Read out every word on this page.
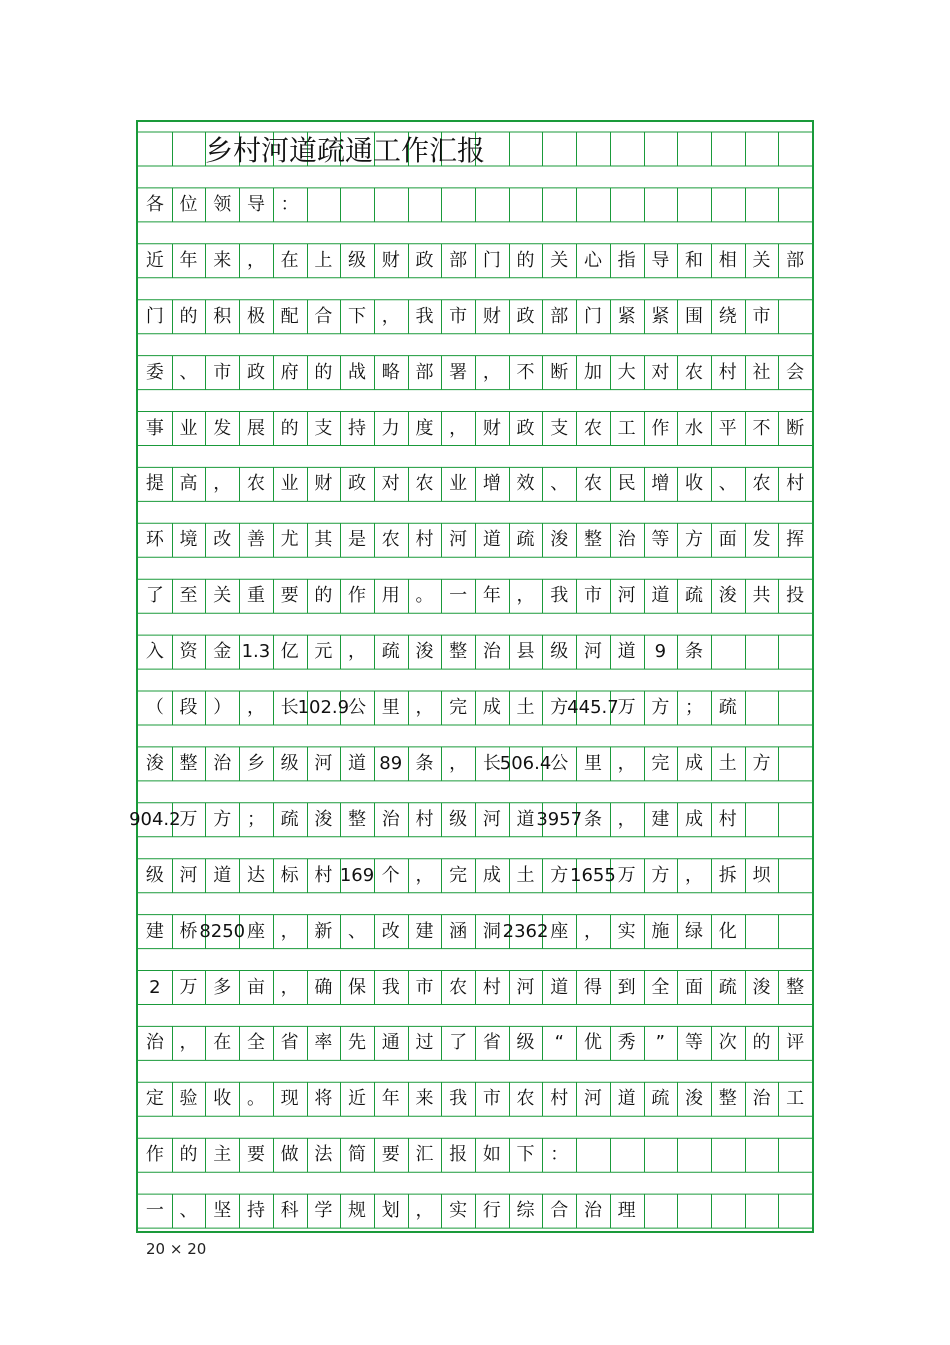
乡村河道疏通工作汇报
各 位 领 导 ：
近 年 来 ， 在 上 级 财 政 部 门 的 关 心 指 导 和 相 关 部
门 的 积 极 配 合 下 ， 我 市 财 政 部 门 紧 紧 围 绕 市
委 、 市 政 府 的 战 略 部 署 ， 不 断 加 大 对 农 村 社 会
事 业 发 展 的 支 持 力 度 ， 财 政 支 农 工 作 水 平 不 断
提 高 ， 农 业 财 政 对 农 业 增 效 、 农 民 增 收 、 农 村
环 境 改 善 尤 其 是 农 村 河 道 疏 浚 整 治 等 方 面 发 挥
了 至 关 重 要 的 作 用 。 一 年 ， 我 市 河 道 疏 浚 共 投
入 资 金 1.3 亿 元 ， 疏 浚 整 治 县 级 河 道	9	条
（ 段 ） ， 长
102.9
公 里 ， 完 成 土 方
445.7
万 方 ； 疏
浚 整 治 乡 级 河 道 89 条 ， 长
506.4
公 里 ， 完 成 土 方
904.2
万 方 ； 疏 浚 整 治 村 级 河 道 3957 条 ， 建 成 村
级 河 道 达 标 村 169 个 ， 完 成 土 方 1655 万 方 ， 拆 坝
建 桥 8250 座 ， 新 、 改 建 涵 洞 2362 座 ， 实 施 绿 化
2	万 多 亩 ， 确 保 我 市 农 村 河 道 得 到 全 面 疏 浚 整
治 ， 在 全 省 率 先 通 过 了 省 级	“	优 秀	”	等 次 的 评
定 验 收 。 现 将 近 年 来 我 市 农 村 河 道 疏 浚 整 治 工
作 的 主 要 做 法 简 要 汇 报 如 下 ：
一 、 坚 持 科 学 规 划 ， 实 行 综 合 治 理
20 × 20
